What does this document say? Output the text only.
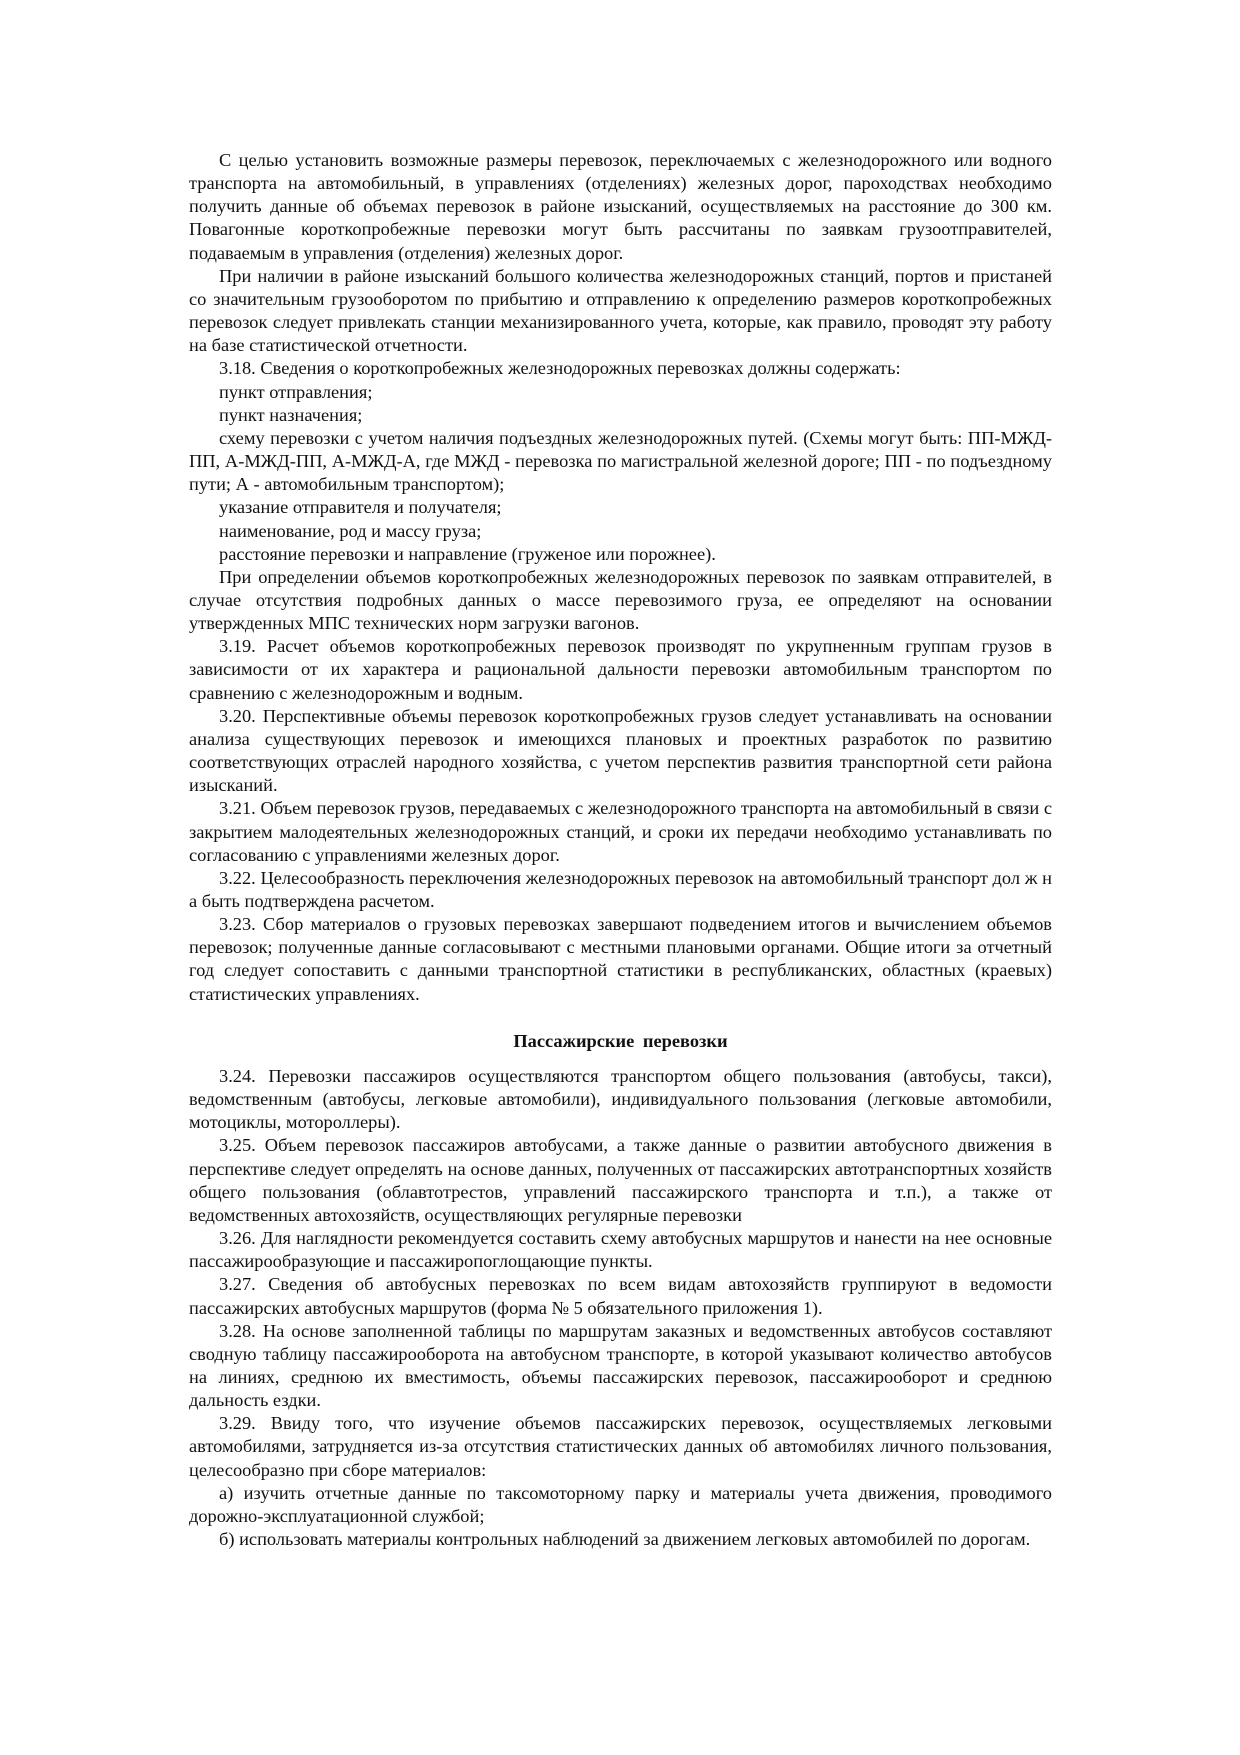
С целью установить возможные размеры перевозок, переключаемых с железнодорожного или водного транспорта на автомобильный, в управлениях (отделениях) железных дорог, пароходствах необходимо получить данные об объемах перевозок в районе изысканий, осуществляемых на расстояние до 300 км. Повагонные короткопробежные перевозки могут быть рассчитаны по заявкам грузоотправителей, подаваемым в управления (отделения) железных дорог.

При наличии в районе изысканий большого количества железнодорожных станций, портов и пристаней со значительным грузооборотом по прибытию и отправлению к определению размеров короткопробежных перевозок следует привлекать станции механизированного учета, которые, как правило, проводят эту работу на базе статистической отчетности.

3.18. Сведения о короткопробежных железнодорожных перевозках должны содержать:

пункт отправления;

пункт назначения;

схему перевозки с учетом наличия подъездных железнодорожных путей. (Схемы могут быть: ПП-МЖД-ПП, А-МЖД-ПП, А-МЖД-А, где МЖД - перевозка по магистральной железной дороге; ПП - по подъездному пути; А - автомобильным транспортом);

указание отправителя и получателя;

наименование, род и массу груза;

расстояние перевозки и направление (груженое или порожнее).

При определении объемов короткопробежных железнодорожных перевозок по заявкам отправителей, в случае отсутствия подробных данных о массе перевозимого груза, ее определяют на основании утвержденных МПС технических норм загрузки вагонов.

3.19. Расчет объемов короткопробежных перевозок производят по укрупненным группам грузов в зависимости от их характера и рациональной дальности перевозки автомобильным транспортом по сравнению с железнодорожным и водным.

3.20. Перспективные объемы перевозок короткопробежных грузов следует устанавливать на основании анализа существующих перевозок и имеющихся плановых и проектных разработок по развитию соответствующих отраслей народного хозяйства, с учетом перспектив развития транспортной сети района изысканий.

3.21. Объем перевозок грузов, передаваемых с железнодорожного транспорта на автомобильный в связи с закрытием малодеятельных железнодорожных станций, и сроки их передачи необходимо устанавливать по согласованию с управлениями железных дорог.

3.22. Целесообразность переключения железнодорожных перевозок на автомобильный транспорт дол ж н а быть подтверждена расчетом.

3.23. Сбор материалов о грузовых перевозках завершают подведением итогов и вычислением объемов перевозок; полученные данные согласовывают с местными плановыми органами. Общие итоги за отчетный год следует сопоставить с данными транспортной статистики в республиканских, областных (краевых) статистических управлениях.

Пассажирские перевозки

3.24. Перевозки пассажиров осуществляются транспортом общего пользования (автобусы, такси), ведомственным (автобусы, легковые автомобили), индивидуального пользования (легковые автомобили, мотоциклы, мотороллеры).

3.25. Объем перевозок пассажиров автобусами, а также данные о развитии автобусного движения в перспективе следует определять на основе данных, полученных от пассажирских автотранспортных хозяйств общего пользования (облавтотрестов, управлений пассажирского транспорта и т.п.), а также от ведомственных автохозяйств, осуществляющих регулярные перевозки

3.26. Для наглядности рекомендуется составить схему автобусных маршрутов и нанести на нее основные пассажирообразующие и пассажиропоглощающие пункты.

3.27. Сведения об автобусных перевозках по всем видам автохозяйств группируют в ведомости пассажирских автобусных маршрутов (форма № 5 обязательного приложения 1).

3.28. На основе заполненной таблицы по маршрутам заказных и ведомственных автобусов составляют сводную таблицу пассажирооборота на автобусном транспорте, в которой указывают количество автобусов на линиях, среднюю их вместимость, объемы пассажирских перевозок, пассажирооборот и среднюю дальность ездки.

3.29. Ввиду того, что изучение объемов пассажирских перевозок, осуществляемых легковыми автомобилями, затрудняется из-за отсутствия статистических данных об автомобилях личного пользования, целесообразно при сборе материалов:

а) изучить отчетные данные по таксомоторному парку и материалы учета движения, проводимого дорожно-эксплуатационной службой;

б) использовать материалы контрольных наблюдений за движением легковых автомобилей по дорогам.
